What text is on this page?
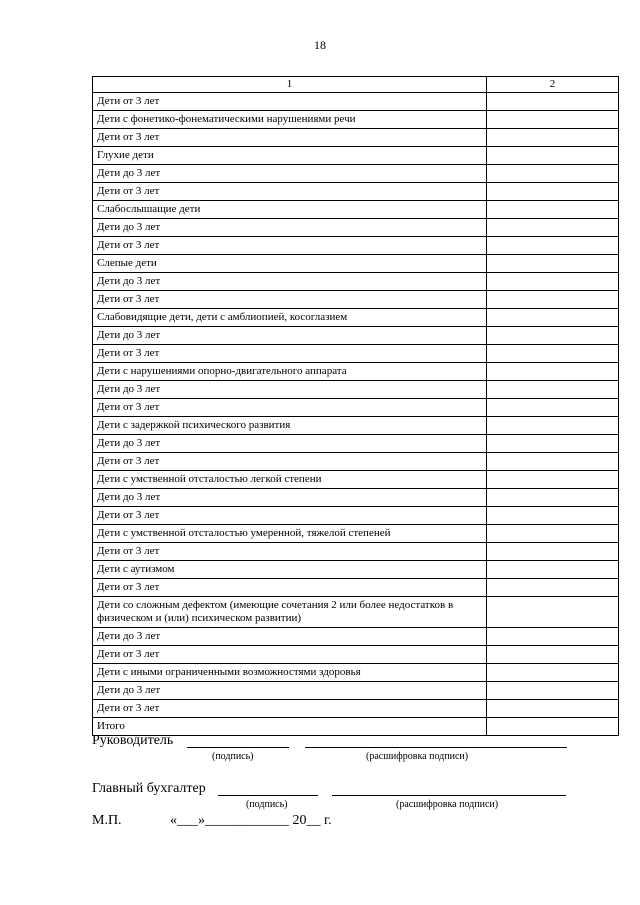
18
1	2
Дети от 3 лет	
Дети с фонетико-фонематическими нарушениями речи	
Дети от 3 лет	
Глухие дети	
Дети до 3 лет	
Дети от 3 лет	
Слабослышащие дети	
Дети до 3 лет	
Дети от 3 лет	
Слепые дети	
Дети до 3 лет	
Дети от 3 лет	
Слабовидящие дети, дети с амблиопией, косоглазием	
Дети до 3 лет	
Дети от 3 лет	
Дети с нарушениями опорно-двигательного аппарата	
Дети до 3 лет	
Дети от 3 лет	
Дети с задержкой психического развития	
Дети до 3 лет	
Дети от 3 лет	
Дети с умственной отсталостью легкой степени	
Дети до 3 лет	
Дети от 3 лет	
Дети с умственной отсталостью умеренной, тяжелой степеней	
Дети от 3 лет	
Дети с аутизмом	
Дети от 3 лет	
Дети со сложным дефектом (имеющие сочетания 2 или более недостатков в физическом и (или) психическом развитии)	
Дети до 3 лет	
Дети от 3 лет	
Дети с иными ограниченными возможностями здоровья	
Дети до 3 лет	
Дети от 3 лет	
Итого	
Руководитель
(подпись)	(расшифровка подписи)
Главный бухгалтер
(подпись)	(расшифровка подписи)
М.П.	«___»____________ 20__ г.
